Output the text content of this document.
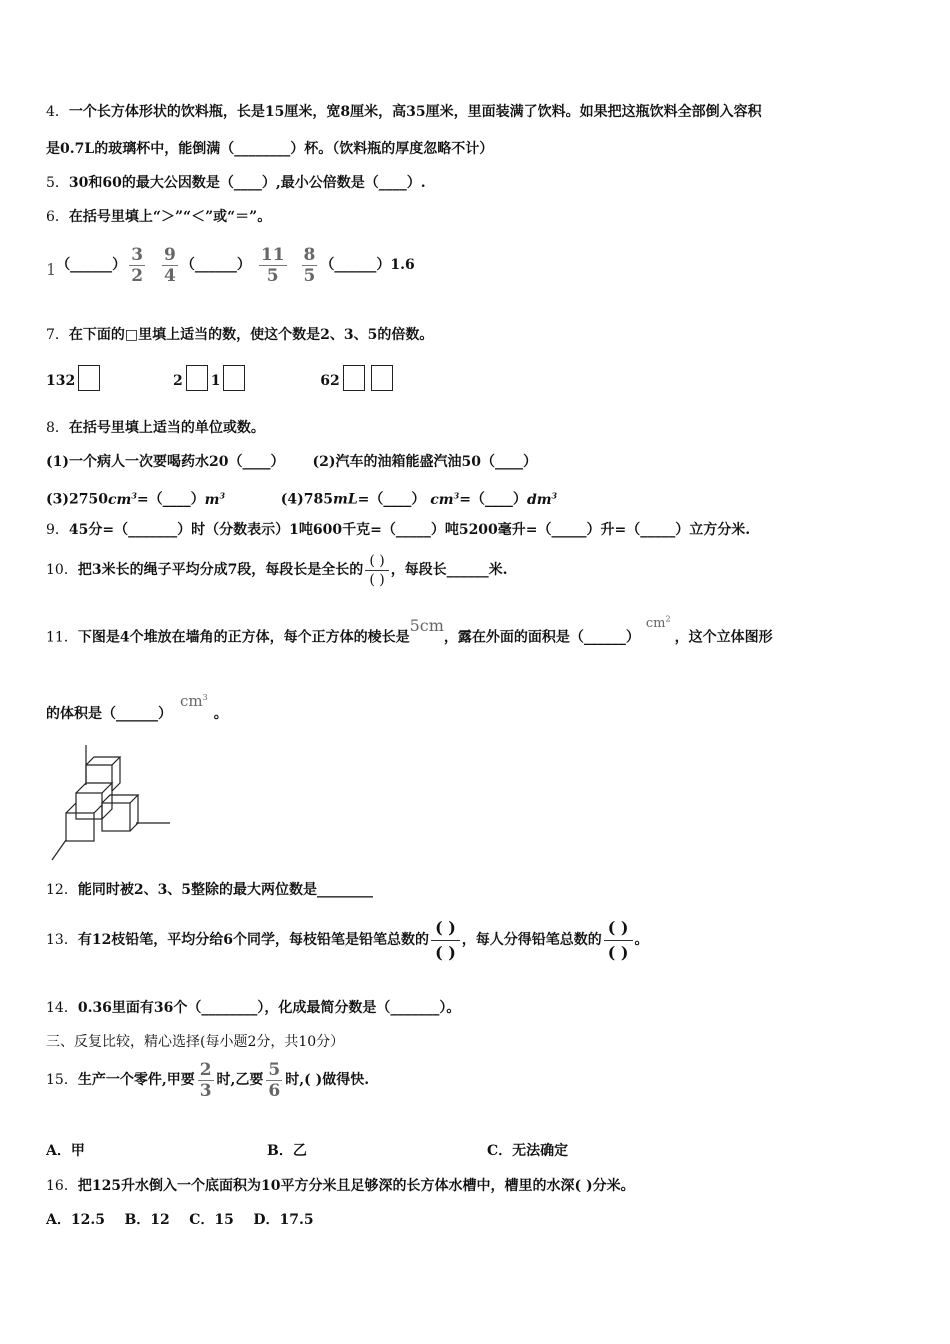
4．一个长方体形状的饮料瓶，长是15厘米，宽8厘米，高35厘米，里面装满了饮料。如果把这瓶饮料全部倒入容积
是0.7L的玻璃杯中，能倒满（________）杯。（饮料瓶的厚度忽略不计）
5．30和60的最大公因数是（____）,最小公倍数是（____）.
6．在括号里填上“＞”“＜”或“＝”。
1（______） $\frac{3}{2} \frac{9}{4}$ （______） $\frac{11}{5} \frac{8}{5}$ （______）1.6
7．在下面的□里填上适当的数，使这个数是2、3、5的倍数。
132	2 1	62
8．在括号里填上适当的单位或数。
(1)一个病人一次要喝药水20（____） (2)汽车的油箱能盛汽油50（____）
$(3)2750cm^3=(\_\_\_\_)m^3$	(4)785mL=（____） $cm^3=(\_\_\_\_)dm^3$
9．45分=（_______）时（分数表示）1吨600千克=（_____）吨5200毫升=（_____）升=（_____）立方分米.
10．把3米长的绳子平均分成7段，每段长是全长的
( )
( )
，每段长______米.
11．下图是4个堆放在墙角的正方体，每个正方体的棱长是5cm，露在外面的面积是$(\_\_\_\_\_\_)cm^2$，这个立体图形
的体积是$(\_\_\_\_\_\_)cm^3$。
12．能同时被2、3、5整除的最大两位数是________
13．有12枝铅笔，平均分给6个同学，每枝铅笔是铅笔总数的
( )
( )
，每人分得铅笔总数的
( )
( )
。
14．0.36里面有36个（________），化成最简分数是（_______）。
三、反复比较，精心选择(每小题2分，共10分）
15．生产一个零件,甲要 $\frac{2}{3}$ 时,乙要 $\frac{5}{6}$ 时,( )做得快.
A．甲	B．乙	C．无法确定
16．把125升水倒入一个底面积为10平方分米且足够深的长方体水槽中，槽里的水深( )分米。
A．12.5    B．12    C．15    D．17.5
